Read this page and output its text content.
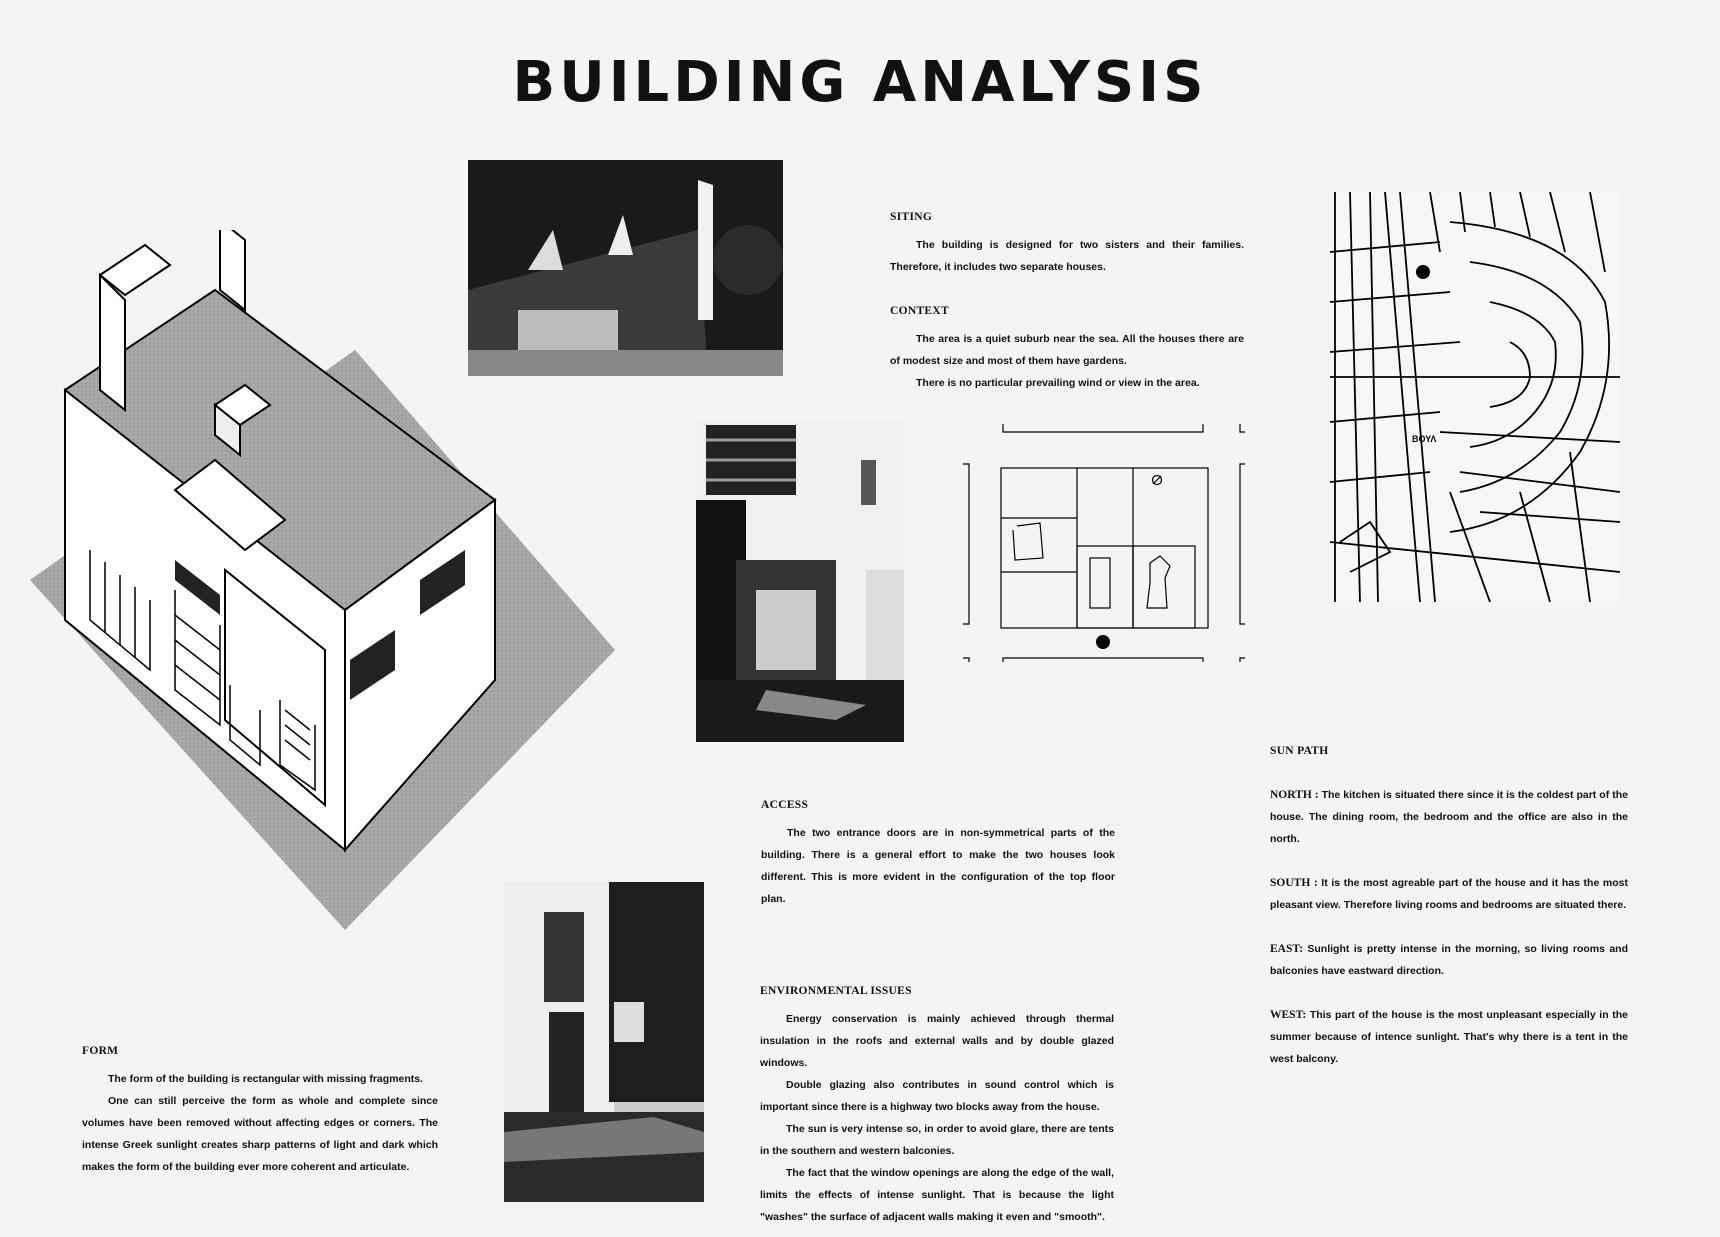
BUILDING ANALYSIS
ΒΟΥΛ
SITING

The building is designed for two sisters and their families. Therefore, it includes two separate houses.

CONTEXT

The area is a quiet suburb near the sea. All the houses there are of modest size and most of them have gardens.

There is no particular prevailing wind or view in the area.

ACCESS

The two entrance doors are in non-symmetrical parts of the building. There is a general effort to make the two houses look different. This is more evident in the configuration of the top floor plan.

ENVIRONMENTAL ISSUES

Energy conservation is mainly achieved through thermal insulation in the roofs and external walls and by double glazed windows.

Double glazing also contributes in sound control which is important since there is a highway two blocks away from the house.

The sun is very intense so, in order to avoid glare, there are tents in the southern and western balconies.

The fact that the window openings are along the edge of the wall, limits the effects of intense sunlight. That is because the light "washes" the surface of adjacent walls making it even and "smooth".

FORM

The form of the building is rectangular with missing fragments.

One can still perceive the form as whole and complete since volumes have been removed without affecting edges or corners. The intense Greek sunlight creates sharp patterns of light and dark which makes the form of the building ever more coherent and articulate.

SUN PATH

NORTH : The kitchen is situated there since it is the coldest part of the house. The dining room, the bedroom and the office are also in the north.

SOUTH : It is the most agreable part of the house and it has the most pleasant view. Therefore living rooms and bedrooms are situated there.

EAST: Sunlight is pretty intense in the morning, so living rooms and balconies have eastward direction.

WEST: This part of the house is the most unpleasant especially in the summer because of intence sunlight. That's why there is a tent in the west balcony.
